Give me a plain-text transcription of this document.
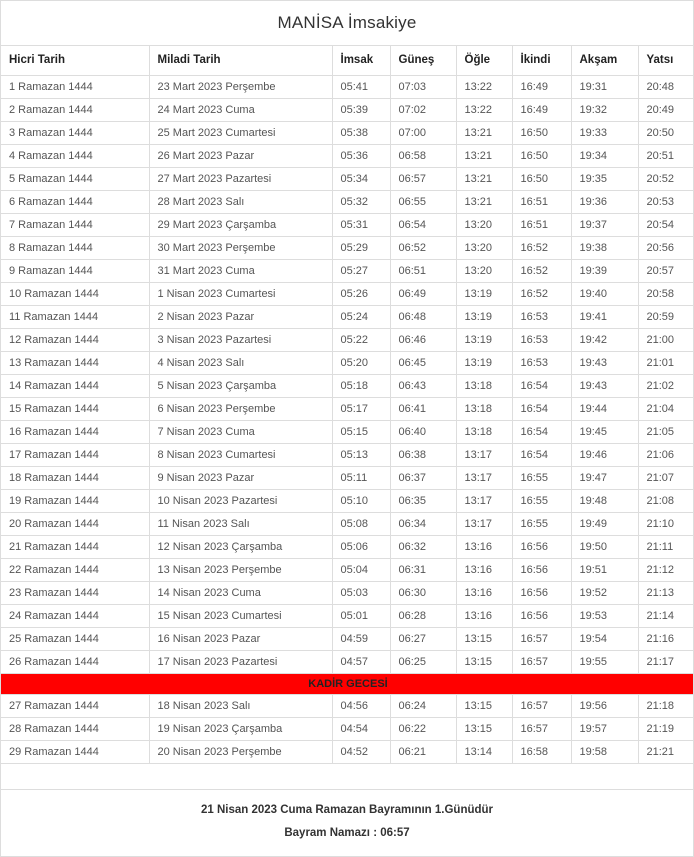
MANİSA İmsakiye
Hicri Tarih	Miladi Tarih	İmsak	Güneş	Öğle	İkindi	Akşam	Yatsı
1 Ramazan 1444	23 Mart 2023 Perşembe	05:41	07:03	13:22	16:49	19:31	20:48
2 Ramazan 1444	24 Mart 2023 Cuma	05:39	07:02	13:22	16:49	19:32	20:49
3 Ramazan 1444	25 Mart 2023 Cumartesi	05:38	07:00	13:21	16:50	19:33	20:50
4 Ramazan 1444	26 Mart 2023 Pazar	05:36	06:58	13:21	16:50	19:34	20:51
5 Ramazan 1444	27 Mart 2023 Pazartesi	05:34	06:57	13:21	16:50	19:35	20:52
6 Ramazan 1444	28 Mart 2023 Salı	05:32	06:55	13:21	16:51	19:36	20:53
7 Ramazan 1444	29 Mart 2023 Çarşamba	05:31	06:54	13:20	16:51	19:37	20:54
8 Ramazan 1444	30 Mart 2023 Perşembe	05:29	06:52	13:20	16:52	19:38	20:56
9 Ramazan 1444	31 Mart 2023 Cuma	05:27	06:51	13:20	16:52	19:39	20:57
10 Ramazan 1444	1 Nisan 2023 Cumartesi	05:26	06:49	13:19	16:52	19:40	20:58
11 Ramazan 1444	2 Nisan 2023 Pazar	05:24	06:48	13:19	16:53	19:41	20:59
12 Ramazan 1444	3 Nisan 2023 Pazartesi	05:22	06:46	13:19	16:53	19:42	21:00
13 Ramazan 1444	4 Nisan 2023 Salı	05:20	06:45	13:19	16:53	19:43	21:01
14 Ramazan 1444	5 Nisan 2023 Çarşamba	05:18	06:43	13:18	16:54	19:43	21:02
15 Ramazan 1444	6 Nisan 2023 Perşembe	05:17	06:41	13:18	16:54	19:44	21:04
16 Ramazan 1444	7 Nisan 2023 Cuma	05:15	06:40	13:18	16:54	19:45	21:05
17 Ramazan 1444	8 Nisan 2023 Cumartesi	05:13	06:38	13:17	16:54	19:46	21:06
18 Ramazan 1444	9 Nisan 2023 Pazar	05:11	06:37	13:17	16:55	19:47	21:07
19 Ramazan 1444	10 Nisan 2023 Pazartesi	05:10	06:35	13:17	16:55	19:48	21:08
20 Ramazan 1444	11 Nisan 2023 Salı	05:08	06:34	13:17	16:55	19:49	21:10
21 Ramazan 1444	12 Nisan 2023 Çarşamba	05:06	06:32	13:16	16:56	19:50	21:11
22 Ramazan 1444	13 Nisan 2023 Perşembe	05:04	06:31	13:16	16:56	19:51	21:12
23 Ramazan 1444	14 Nisan 2023 Cuma	05:03	06:30	13:16	16:56	19:52	21:13
24 Ramazan 1444	15 Nisan 2023 Cumartesi	05:01	06:28	13:16	16:56	19:53	21:14
25 Ramazan 1444	16 Nisan 2023 Pazar	04:59	06:27	13:15	16:57	19:54	21:16
26 Ramazan 1444	17 Nisan 2023 Pazartesi	04:57	06:25	13:15	16:57	19:55	21:17
KADİR GECESİ							
27 Ramazan 1444	18 Nisan 2023 Salı	04:56	06:24	13:15	16:57	19:56	21:18
28 Ramazan 1444	19 Nisan 2023 Çarşamba	04:54	06:22	13:15	16:57	19:57	21:19
29 Ramazan 1444	20 Nisan 2023 Perşembe	04:52	06:21	13:14	16:58	19:58	21:21
21 Nisan 2023 Cuma Ramazan Bayramının 1.Günüdür
Bayram Namazı : 06:57
